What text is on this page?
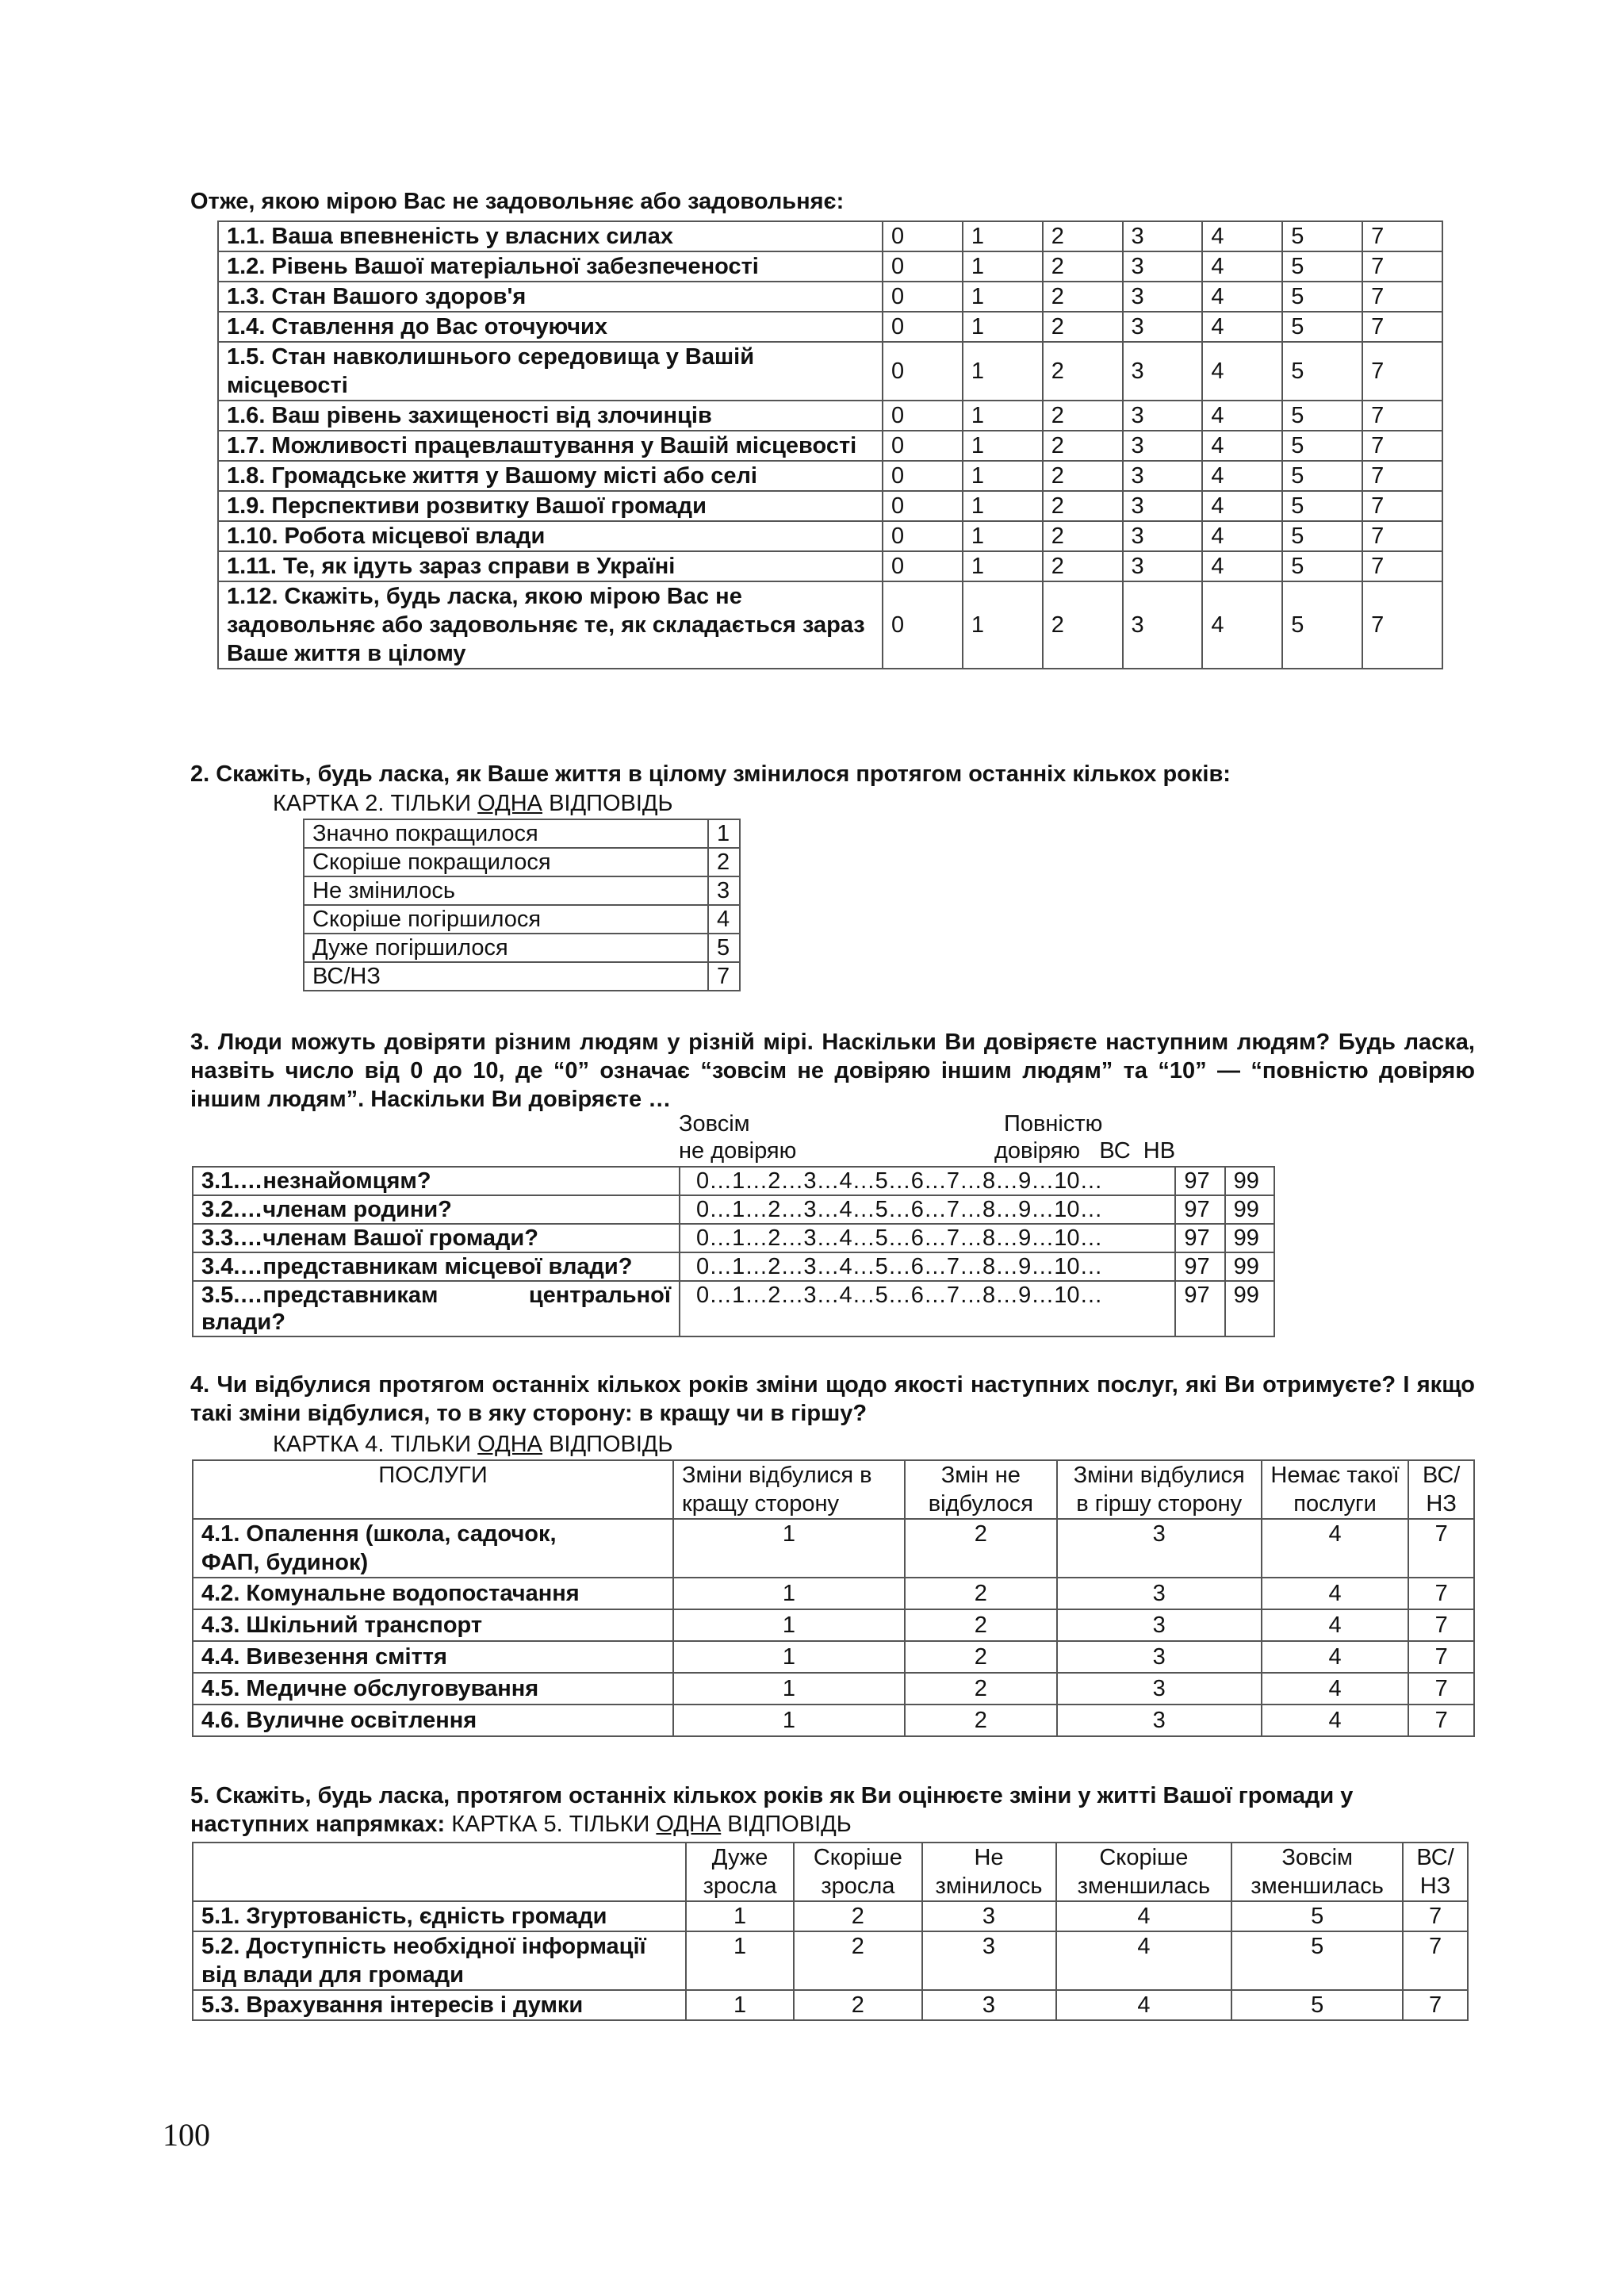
Отже, якою мірою Вас не задовольняє або задовольняє:

1.1. Ваша впевненість у власних силах	0	1	2	3	4	5	7
1.2. Рівень Вашої матеріальної забезпеченості	0	1	2	3	4	5	7
1.3. Стан Вашого здоров'я	0	1	2	3	4	5	7
1.4. Ставлення до Вас оточуючих	0	1	2	3	4	5	7
1.5. Стан навколишнього середовища у Вашій місцевості	0	1	2	3	4	5	7
1.6. Ваш рівень захищеності від злочинців	0	1	2	3	4	5	7
1.7. Можливості працевлаштування у Вашій місцевості	0	1	2	3	4	5	7
1.8. Громадське життя у Вашому місті або селі	0	1	2	3	4	5	7
1.9. Перспективи розвитку Вашої громади	0	1	2	3	4	5	7
1.10. Робота місцевої влади	0	1	2	3	4	5	7
1.11. Те, як ідуть зараз справи в Україні	0	1	2	3	4	5	7
1.12. Скажіть, будь ласка, якою мірою Вас не задовольняє або задовольняє те, як складається зараз Ваше життя в цілому	0	1	2	3	4	5	7

2. Скажіть, будь ласка, як Ваше життя в цілому змінилося протягом останніх кількох років:

КАРТКА 2. ТІЛЬКИ ОДНА ВІДПОВІДЬ
Значно покращилося	1
Скоріше покращилося	2
Не змінилось	3
Скоріше погіршилося	4
Дуже погіршилося	5
ВС/НЗ	7

3. Люди можуть довіряти різним людям у різній мірі. Наскільки Ви довіряєте наступним людям? Будь ласка, назвіть число від 0 до 10, де “0” означає “зовсім не довіряю іншим людям” та “10” — “повністю довіряю іншим людям”. Наскільки Ви довіряєте …

Зовсім
не довіряю
Повністю
довіряю ВС НВ
3.1.…незнайомцям?	0…1…2…3…4…5…6…7…8…9…10…	97	99
3.2.…членам родини?	0…1…2…3…4…5…6…7…8…9…10…	97	99
3.3.…членам Вашої громади?	0…1…2…3…4…5…6…7…8…9…10…	97	99
3.4.…представникам місцевої влади?	0…1…2…3…4…5…6…7…8…9…10…	97	99
3.5.…представникам центральної влади?	0…1…2…3…4…5…6…7…8…9…10…	97	99

4. Чи відбулися протягом останніх кількох років зміни щодо якості наступних послуг, які Ви отримуєте? І якщо такі зміни відбулися, то в яку сторону: в кращу чи в гіршу?

КАРТКА 4. ТІЛЬКИ ОДНА ВІДПОВІДЬ
ПОСЛУГИ	Зміни відбулися в кращу сторону	Змін не відбулося	Зміни відбулися в гіршу сторону	Немає такої послуги	ВС/НЗ
4.1. Опалення (школа, садочок, ФАП, будинок)	1	2	3	4	7
4.2. Комунальне водопостачання	1	2	3	4	7
4.3. Шкільний транспорт	1	2	3	4	7
4.4. Вивезення сміття	1	2	3	4	7
4.5. Медичне обслуговування	1	2	3	4	7
4.6. Вуличне освітлення	1	2	3	4	7

5. Скажіть, будь ласка, протягом останніх кількох років як Ви оцінюєте зміни у житті Вашої громади у наступних напрямках: КАРТКА 5. ТІЛЬКИ ОДНА ВІДПОВІДЬ

	Дуже зросла	Скоріше зросла	Не змінилось	Скоріше зменшилась	Зовсім зменшилась	ВС/ НЗ
5.1. Згуртованість, єдність громади	1	2	3	4	5	7
5.2. Доступність необхідної інформації від влади для громади	1	2	3	4	5	7
5.3. Врахування інтересів і думки	1	2	3	4	5	7
100
